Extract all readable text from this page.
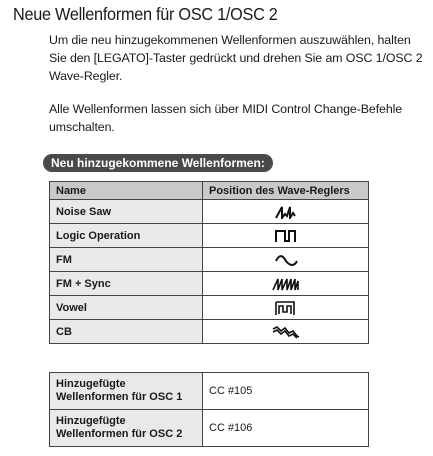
Neue Wellenformen für OSC 1/OSC 2
Um die neu hinzugekommenen Wellenformen auszuwählen, halten Sie den [LEGATO]-Taster gedrückt und drehen Sie am OSC 1/OSC 2 Wave-Regler.
Alle Wellenformen lassen sich über MIDI Control Change-Befehle umschalten.
Neu hinzugekommene Wellenformen:
Name	Position des Wave-Reglers
Noise Saw	
Logic Operation	
FM	
FM + Sync	
Vowel	
CB	
Hinzugefügte Wellenformen für OSC 1	CC #105
Hinzugefügte Wellenformen für OSC 2	CC #106
